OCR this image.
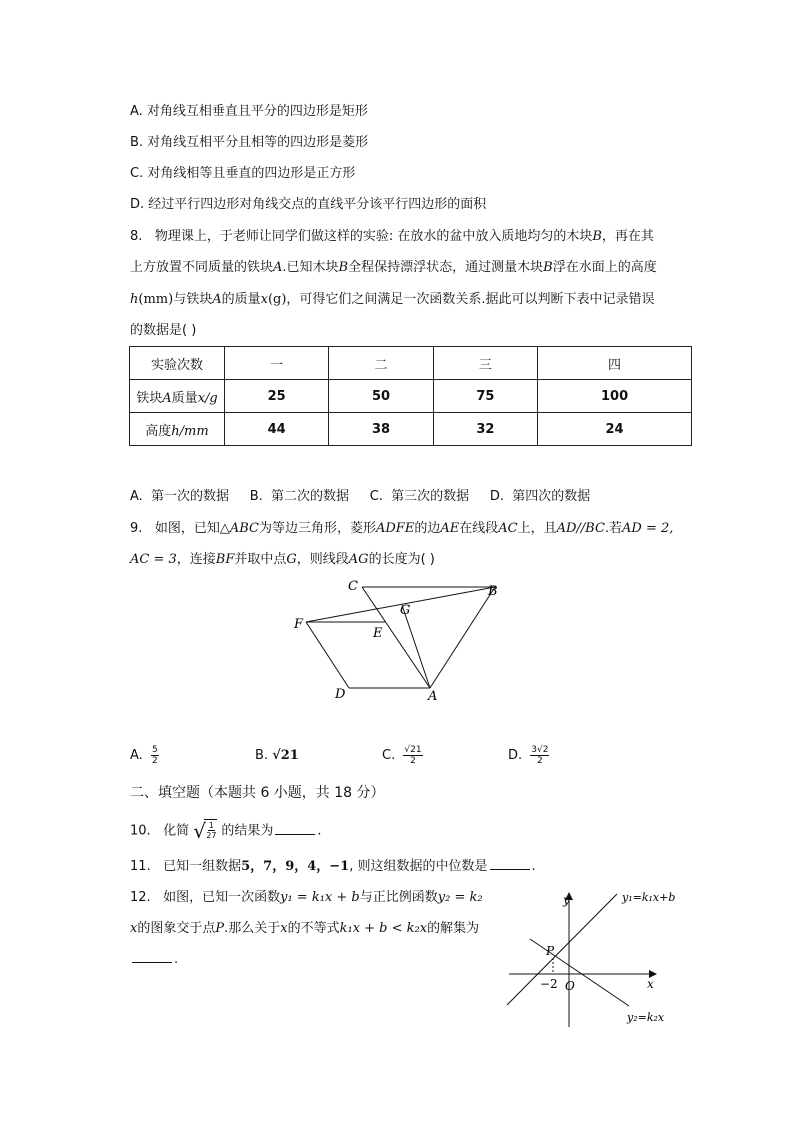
A. 对角线互相垂直且平分的四边形是矩形
B. 对角线互相平分且相等的四边形是菱形
C. 对角线相等且垂直的四边形是正方形
D. 经过平行四边形对角线交点的直线平分该平行四边形的面积
8. 物理课上，于老师让同学们做这样的实验: 在放水的盆中放入质地均匀的木块B，再在其
上方放置不同质量的铁块A.已知木块B全程保持漂浮状态，通过测量木块B浮在水面上的高度
h(mm)与铁块A的质量x(g)，可得它们之间满足一次函数关系.据此可以判断下表中记录错误
的数据是( )
实验次数	一	二	三	四
铁块A质量x/g	25	50	75	100
高度h/mm	44	38	32	24
A.  第一次的数据     B.  第二次的数据     C.  第三次的数据     D.  第四次的数据
9. 如图，已知△ABC为等边三角形，菱形ADFE的边AE在线段AC上，且AD//BC.若AD = 2,
AC = 3，连接BF并取中点G，则线段AG的长度为( )
C	B
G
F
E
D	A
A. $\frac{5}{2}$	B. √21	C. $\frac{√21}{2}$	D. $\frac{3√2}{2}$
二、填空题（本题共 6 小题，共 18 分）
10. 化简 √ $\frac{1}{27}$ 的结果为	.
11. 已知一组数据5，7，9，4，−1, 则这组数据的中位数是	.
12. 如图，已知一次函数y₁ = k₁x + b与正比例函数y₂ = k₂
x的图象交于点P.那么关于x的不等式k₁x + b < k₂x的解集为
.
y
x
O
P
−2
y₁=k₁x+b
y₂=k₂x
